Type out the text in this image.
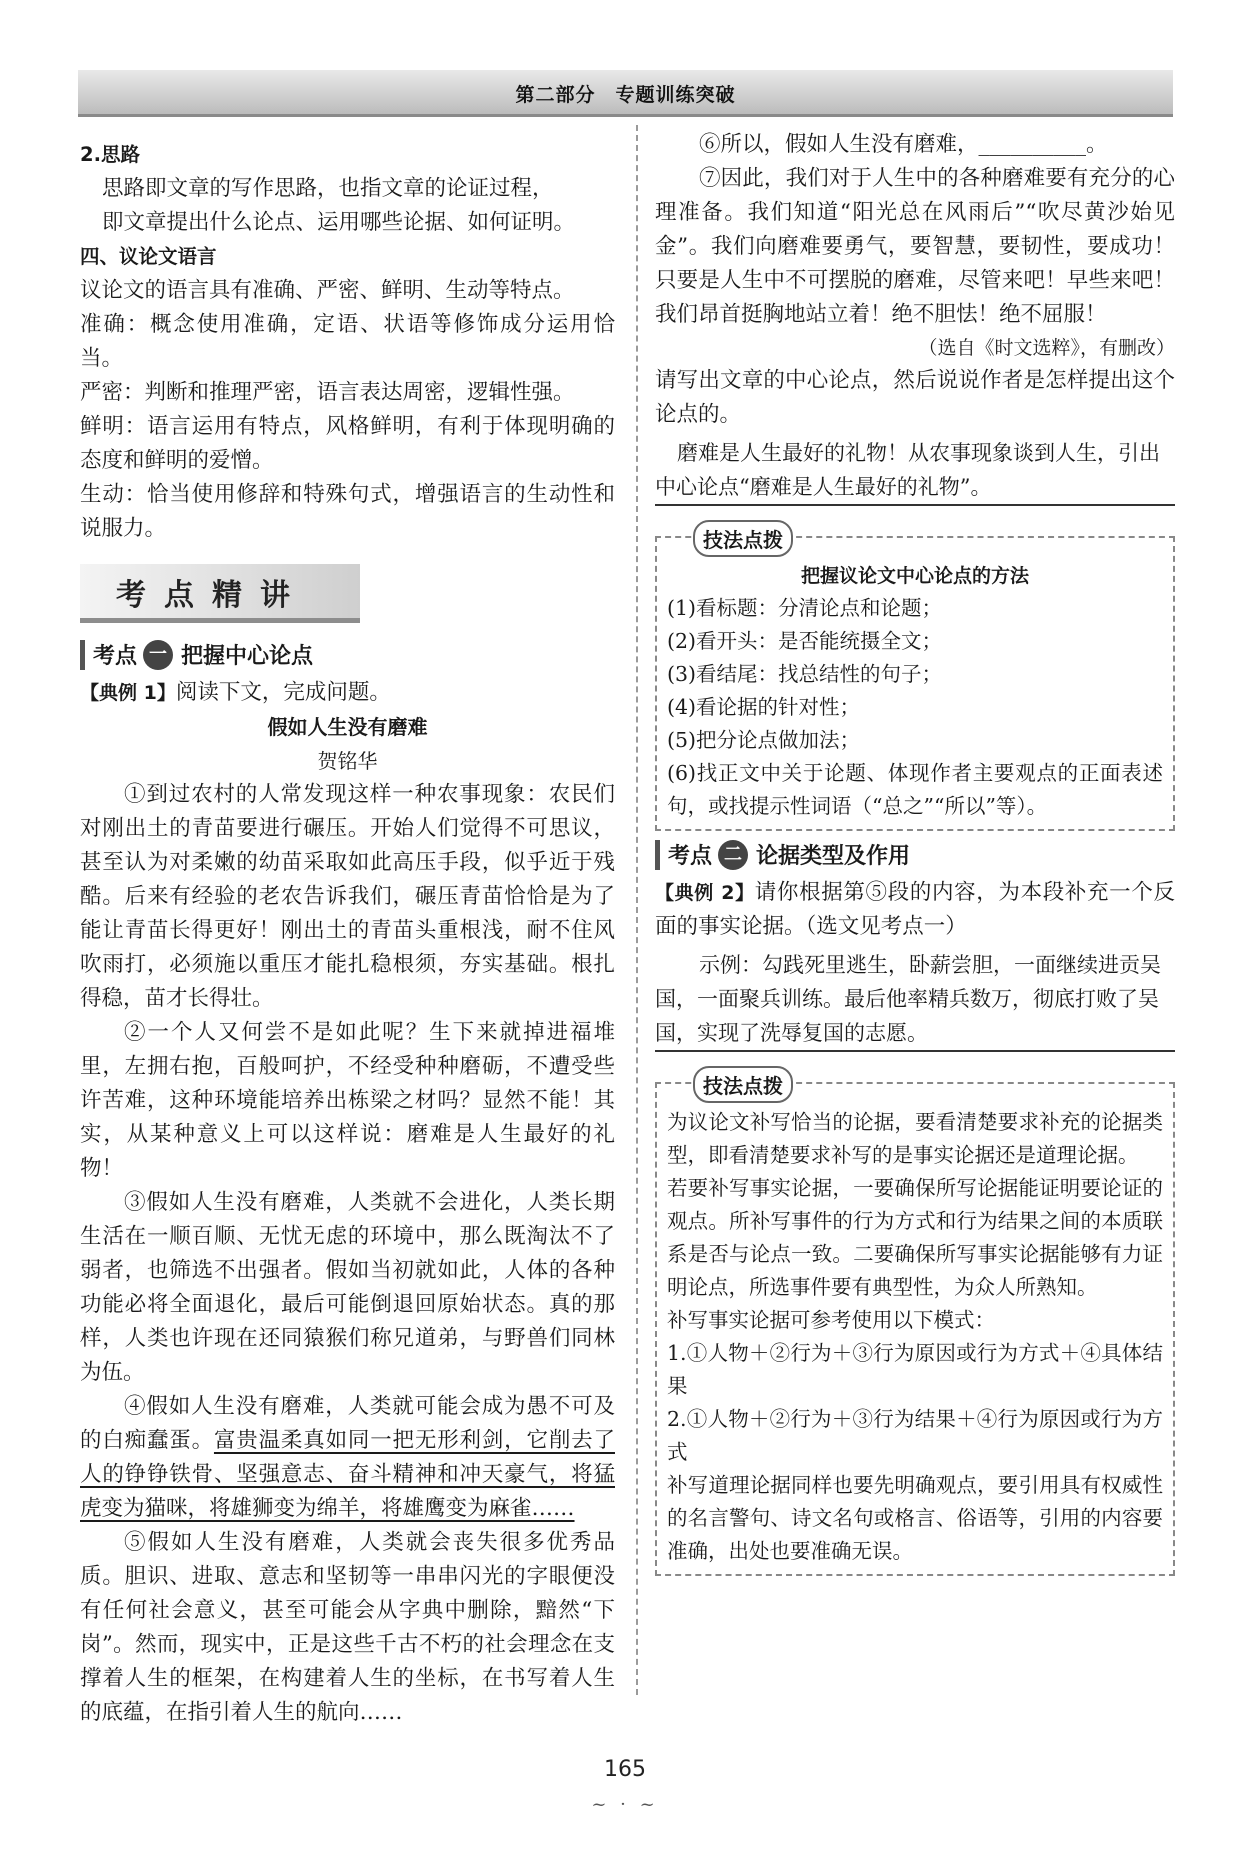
第二部分　专题训练突破

2.思路

思路即文章的写作思路，也指文章的论证过程，

即文章提出什么论点、运用哪些论据、如何证明。

四、议论文语言

议论文的语言具有准确、严密、鲜明、生动等特点。

准确：概念使用准确，定语、状语等修饰成分运用恰当。

严密：判断和推理严密，语言表达周密，逻辑性强。

鲜明：语言运用有特点，风格鲜明，有利于体现明确的态度和鲜明的爱憎。

生动：恰当使用修辞和特殊句式，增强语言的生动性和说服力。

考点精讲
考点 一 把握中心论点

【典例 1】阅读下文，完成问题。

假如人生没有磨难

贺铭华

①到过农村的人常发现这样一种农事现象：农民们对刚出土的青苗要进行碾压。开始人们觉得不可思议，甚至认为对柔嫩的幼苗采取如此高压手段，似乎近于残酷。后来有经验的老农告诉我们，碾压青苗恰恰是为了能让青苗长得更好！刚出土的青苗头重根浅，耐不住风吹雨打，必须施以重压才能扎稳根须，夯实基础。根扎得稳，苗才长得壮。

②一个人又何尝不是如此呢？生下来就掉进福堆里，左拥右抱，百般呵护，不经受种种磨砺，不遭受些许苦难，这种环境能培养出栋梁之材吗？显然不能！其实，从某种意义上可以这样说：磨难是人生最好的礼物！

③假如人生没有磨难，人类就不会进化，人类长期生活在一顺百顺、无忧无虑的环境中，那么既淘汰不了弱者，也筛选不出强者。假如当初就如此，人体的各种功能必将全面退化，最后可能倒退回原始状态。真的那样，人类也许现在还同猿猴们称兄道弟，与野兽们同林为伍。

④假如人生没有磨难，人类就可能会成为愚不可及的白痴蠢蛋。富贵温柔真如同一把无形利剑，它削去了人的铮铮铁骨、坚强意志、奋斗精神和冲天豪气，将猛虎变为猫咪，将雄狮变为绵羊，将雄鹰变为麻雀……

⑤假如人生没有磨难，人类就会丧失很多优秀品质。胆识、进取、意志和坚韧等一串串闪光的字眼便没有任何社会意义，甚至可能会从字典中删除，黯然“下岗”。然而，现实中，正是这些千古不朽的社会理念在支撑着人生的框架，在构建着人生的坐标，在书写着人生的底蕴，在指引着人生的航向……

⑥所以，假如人生没有磨难，__________。

⑦因此，我们对于人生中的各种磨难要有充分的心理准备。我们知道“阳光总在风雨后”“吹尽黄沙始见金”。我们向磨难要勇气，要智慧，要韧性，要成功！只要是人生中不可摆脱的磨难，尽管来吧！早些来吧！我们昂首挺胸地站立着！绝不胆怯！绝不屈服！

（选自《时文选粹》，有删改）

请写出文章的中心论点，然后说说作者是怎样提出这个论点的。

磨难是人生最好的礼物！从农事现象谈到人生，引出中心论点“磨难是人生最好的礼物”。

技法点拨

把握议论文中心论点的方法

(1)看标题：分清论点和论题；

(2)看开头：是否能统摄全文；

(3)看结尾：找总结性的句子；

(4)看论据的针对性；

(5)把分论点做加法；

(6)找正文中关于论题、体现作者主要观点的正面表述句，或找提示性词语（“总之”“所以”等）。

考点 二 论据类型及作用

【典例 2】请你根据第⑤段的内容，为本段补充一个反面的事实论据。（选文见考点一）

示例：勾践死里逃生，卧薪尝胆，一面继续进贡吴国，一面聚兵训练。最后他率精兵数万，彻底打败了吴国，实现了洗辱复国的志愿。

技法点拨

为议论文补写恰当的论据，要看清楚要求补充的论据类型，即看清楚要求补写的是事实论据还是道理论据。

若要补写事实论据，一要确保所写论据能证明要论证的观点。所补写事件的行为方式和行为结果之间的本质联系是否与论点一致。二要确保所写事实论据能够有力证明论点，所选事件要有典型性，为众人所熟知。

补写事实论据可参考使用以下模式：

1.①人物＋②行为＋③行为原因或行为方式＋④具体结果

2.①人物＋②行为＋③行为结果＋④行为原因或行为方式

补写道理论据同样也要先明确观点，要引用具有权威性的名言警句、诗文名句或格言、俗语等，引用的内容要准确，出处也要准确无误。

165
~ · ~
